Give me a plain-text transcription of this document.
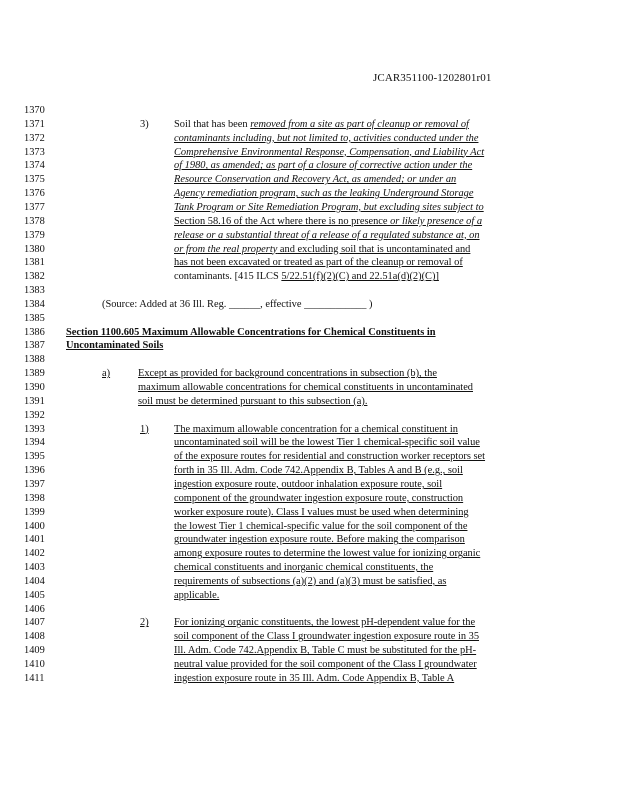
JCAR351100-1202801r01
1370
1371	3) Soil that has been removed from a site as part of cleanup or removal of
1372	contaminants including, but not limited to, activities conducted under the
1373	Comprehensive Environmental Response, Compensation, and Liability Act
1374	of 1980, as amended; as part of a closure of corrective action under the
1375	Resource Conservation and Recovery Act, as amended; or under an
1376	Agency remediation program, such as the leaking Underground Storage
1377	Tank Program or Site Remediation Program, but excluding sites subject to
1378	Section 58.16 of the Act where there is no presence or likely presence of a
1379	release or a substantial threat of a release of a regulated substance at, on
1380	or from the real property and excluding soil that is uncontaminated and
1381	has not been excavated or treated as part of the cleanup or removal of
1382	contaminants. [415 ILCS 5/22.51(f)(2)(C) and 22.51a(d)(2)(C)]
1383
1384	(Source: Added at 36 Ill. Reg. ______, effective ____________ )
1385
1386	Section 1100.605 Maximum Allowable Concentrations for Chemical Constituents in
1387	Uncontaminated Soils
1388
1389	a)	Except as provided for background concentrations in subsection (b), the
1390	maximum allowable concentrations for chemical constituents in uncontaminated
1391	soil must be determined pursuant to this subsection (a).
1392
1393	1) The maximum allowable concentration for a chemical constituent in
1394	uncontaminated soil will be the lowest Tier 1 chemical-specific soil value
1395	of the exposure routes for residential and construction worker receptors set
1396	forth in 35 Ill. Adm. Code 742.Appendix B, Tables A and B (e.g., soil
1397	ingestion exposure route, outdoor inhalation exposure route, soil
1398	component of the groundwater ingestion exposure route, construction
1399	worker exposure route). Class I values must be used when determining
1400	the lowest Tier 1 chemical-specific value for the soil component of the
1401	groundwater ingestion exposure route. Before making the comparison
1402	among exposure routes to determine the lowest value for ionizing organic
1403	chemical constituents and inorganic chemical constituents, the
1404	requirements of subsections (a)(2) and (a)(3) must be satisfied, as
1405	applicable.
1406
1407	2) For ionizing organic constituents, the lowest pH-dependent value for the
1408	soil component of the Class I groundwater ingestion exposure route in 35
1409	Ill. Adm. Code 742.Appendix B, Table C must be substituted for the pH-
1410	neutral value provided for the soil component of the Class I groundwater
1411	ingestion exposure route in 35 Ill. Adm. Code Appendix B, Table A
